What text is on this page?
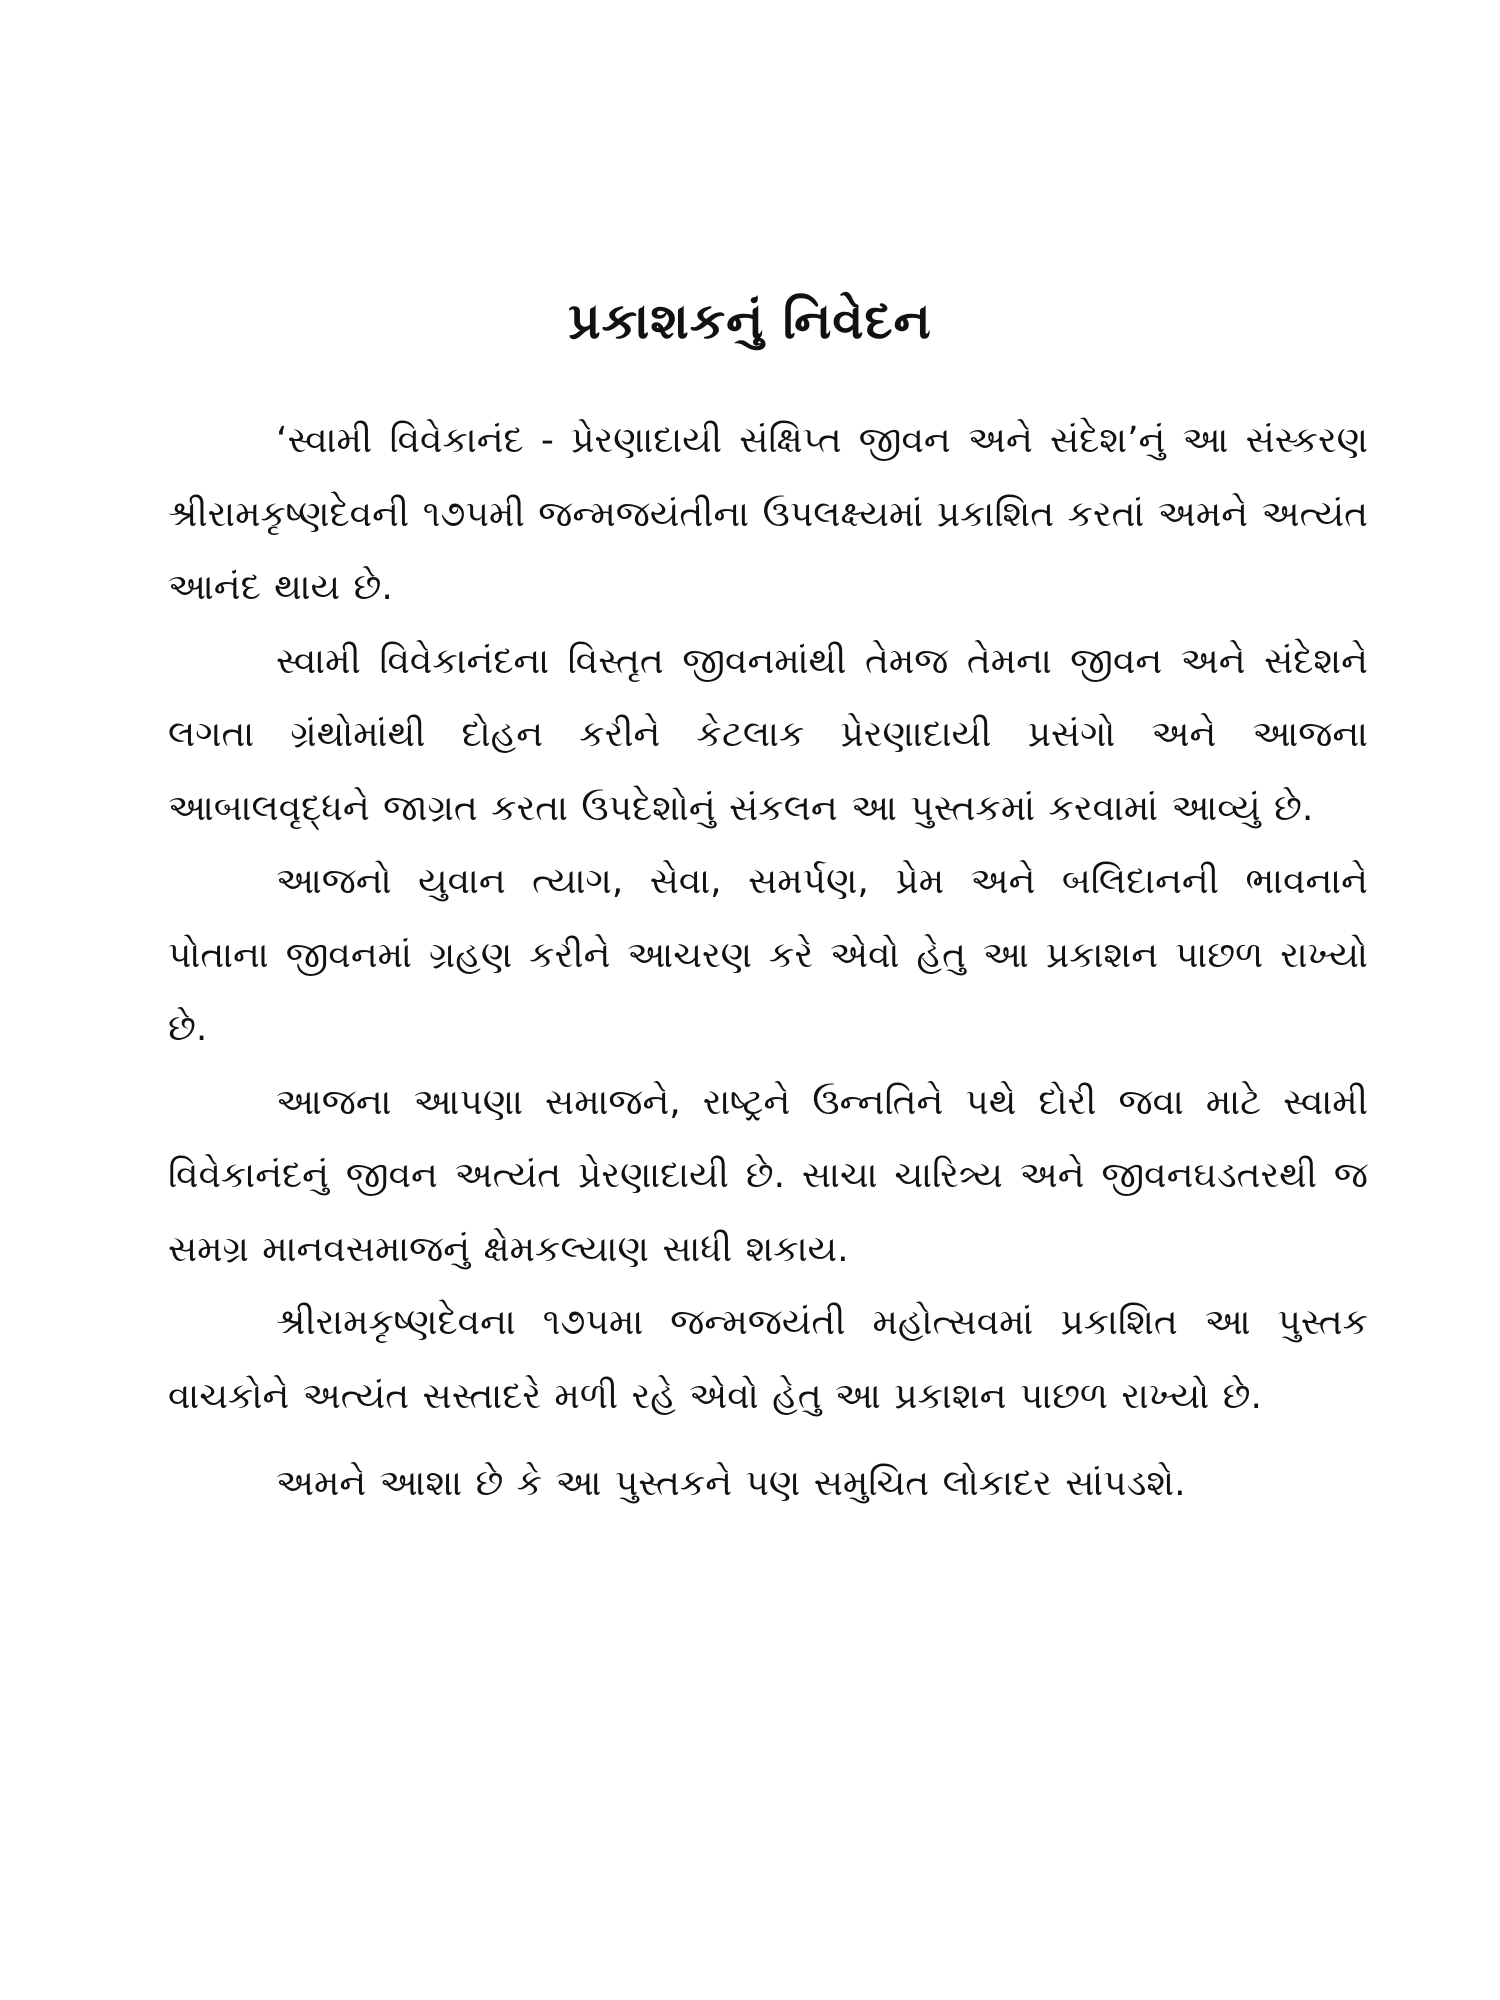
પ્રકાશકનું નિવેદન

‘સ્વામી વિવેકાનંદ - પ્રેરણાદાયી સંક્ષિપ્ત જીવન અને સંદેશ’નું આ સંસ્કરણ શ્રીરામકૃષ્ણદેવની ૧૭૫મી જન્મજયંતીના ઉપલક્ષ્યમાં પ્રકાશિત કરતાં અમને અત્યંત આનંદ થાય છે.

સ્વામી વિવેકાનંદના વિસ્તૃત જીવનમાંથી તેમજ તેમના જીવન અને સંદેશને લગતા ગ્રંથોમાંથી દોહન કરીને કેટલાક પ્રેરણાદાયી પ્રસંગો અને આજના આબાલવૃદ્ધને જાગ્રત કરતા ઉપદેશોનું સંકલન આ પુસ્તકમાં કરવામાં આવ્યું છે.

આજનો યુવાન ત્યાગ, સેવા, સમર્પણ, પ્રેમ અને બલિદાનની ભાવનાને પોતાના જીવનમાં ગ્રહણ કરીને આચરણ કરે એવો હેતુ આ પ્રકાશન પાછળ રાખ્યો છે.

આજના આપણા સમાજને, રાષ્ટ્રને ઉન્નતિને પથે દોરી જવા માટે સ્વામી વિવેકાનંદનું જીવન અત્યંત પ્રેરણાદાયી છે. સાચા ચારિત્ર્ય અને જીવનઘડતરથી જ સમગ્ર માનવસમાજનું ક્ષેમકલ્યાણ સાધી શકાય.

શ્રીરામકૃષ્ણદેવના ૧૭૫મા જન્મજયંતી મહોત્સવમાં પ્રકાશિત આ પુસ્તક વાચકોને અત્યંત સસ્તાદરે મળી રહે એવો હેતુ આ પ્રકાશન પાછળ રાખ્યો છે.

અમને આશા છે કે આ પુસ્તકને પણ સમુચિત લોકાદર સાંપડશે.
